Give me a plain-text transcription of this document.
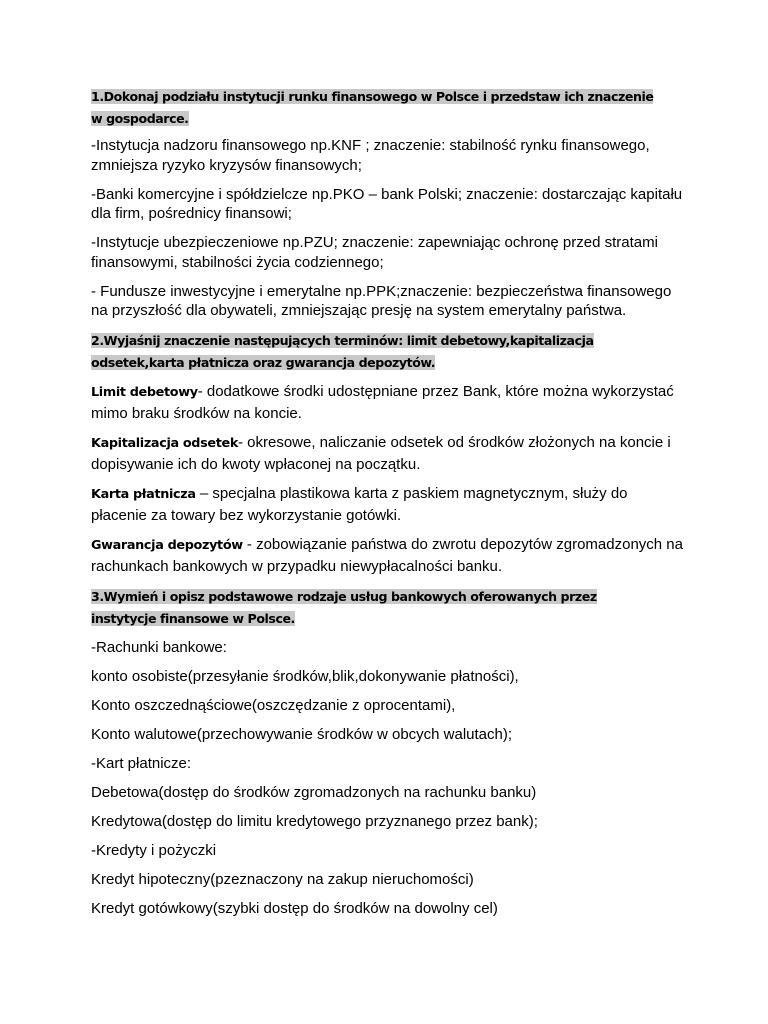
1.Dokonaj podziału instytucji runku finansowego w Polsce i przedstaw ich znaczenie
w gospodarce.

-Instytucja nadzoru finansowego np.KNF ; znaczenie: stabilność rynku finansowego, zmniejsza ryzyko kryzysów finansowych;

-Banki komercyjne i spółdzielcze np.PKO – bank Polski; znaczenie: dostarczając kapitału dla firm, pośrednicy finansowi;

-Instytucje ubezpieczeniowe np.PZU; znaczenie: zapewniając ochronę przed stratami finansowymi, stabilności życia codziennego;

- Fundusze inwestycyjne i emerytalne np.PPK;znaczenie: bezpieczeństwa finansowego na przyszłość dla obywateli, zmniejszając presję na system emerytalny państwa.

2.Wyjaśnij znaczenie następujących terminów: limit debetowy,kapitalizacja
odsetek,karta płatnicza oraz gwarancja depozytów.

Limit debetowy- dodatkowe środki udostępniane przez Bank, które można wykorzystać mimo braku środków na koncie.

Kapitalizacja odsetek- okresowe, naliczanie odsetek od środków złożonych na koncie i dopisywanie ich do kwoty wpłaconej na początku.

Karta płatnicza – specjalna plastikowa karta z paskiem magnetycznym, służy do płacenie za towary bez wykorzystanie gotówki.

Gwarancja depozytów - zobowiązanie państwa do zwrotu depozytów zgromadzonych na rachunkach bankowych w przypadku niewypłacalności banku.

3.Wymień i opisz podstawowe rodzaje usług bankowych oferowanych przez
instytycje finansowe w Polsce.

-Rachunki bankowe:

konto osobiste(przesyłanie środków,blik,dokonywanie płatności),

Konto oszczednąściowe(oszczędzanie z oprocentami),

Konto walutowe(przechowywanie środków w obcych walutach);

-Kart płatnicze:

Debetowa(dostęp do środków zgromadzonych na rachunku banku)

Kredytowa(dostęp do limitu kredytowego przyznanego przez bank);

-Kredyty i pożyczki

Kredyt hipoteczny(pzeznaczony na zakup nieruchomości)

Kredyt gotówkowy(szybki dostęp do środków na dowolny cel)
